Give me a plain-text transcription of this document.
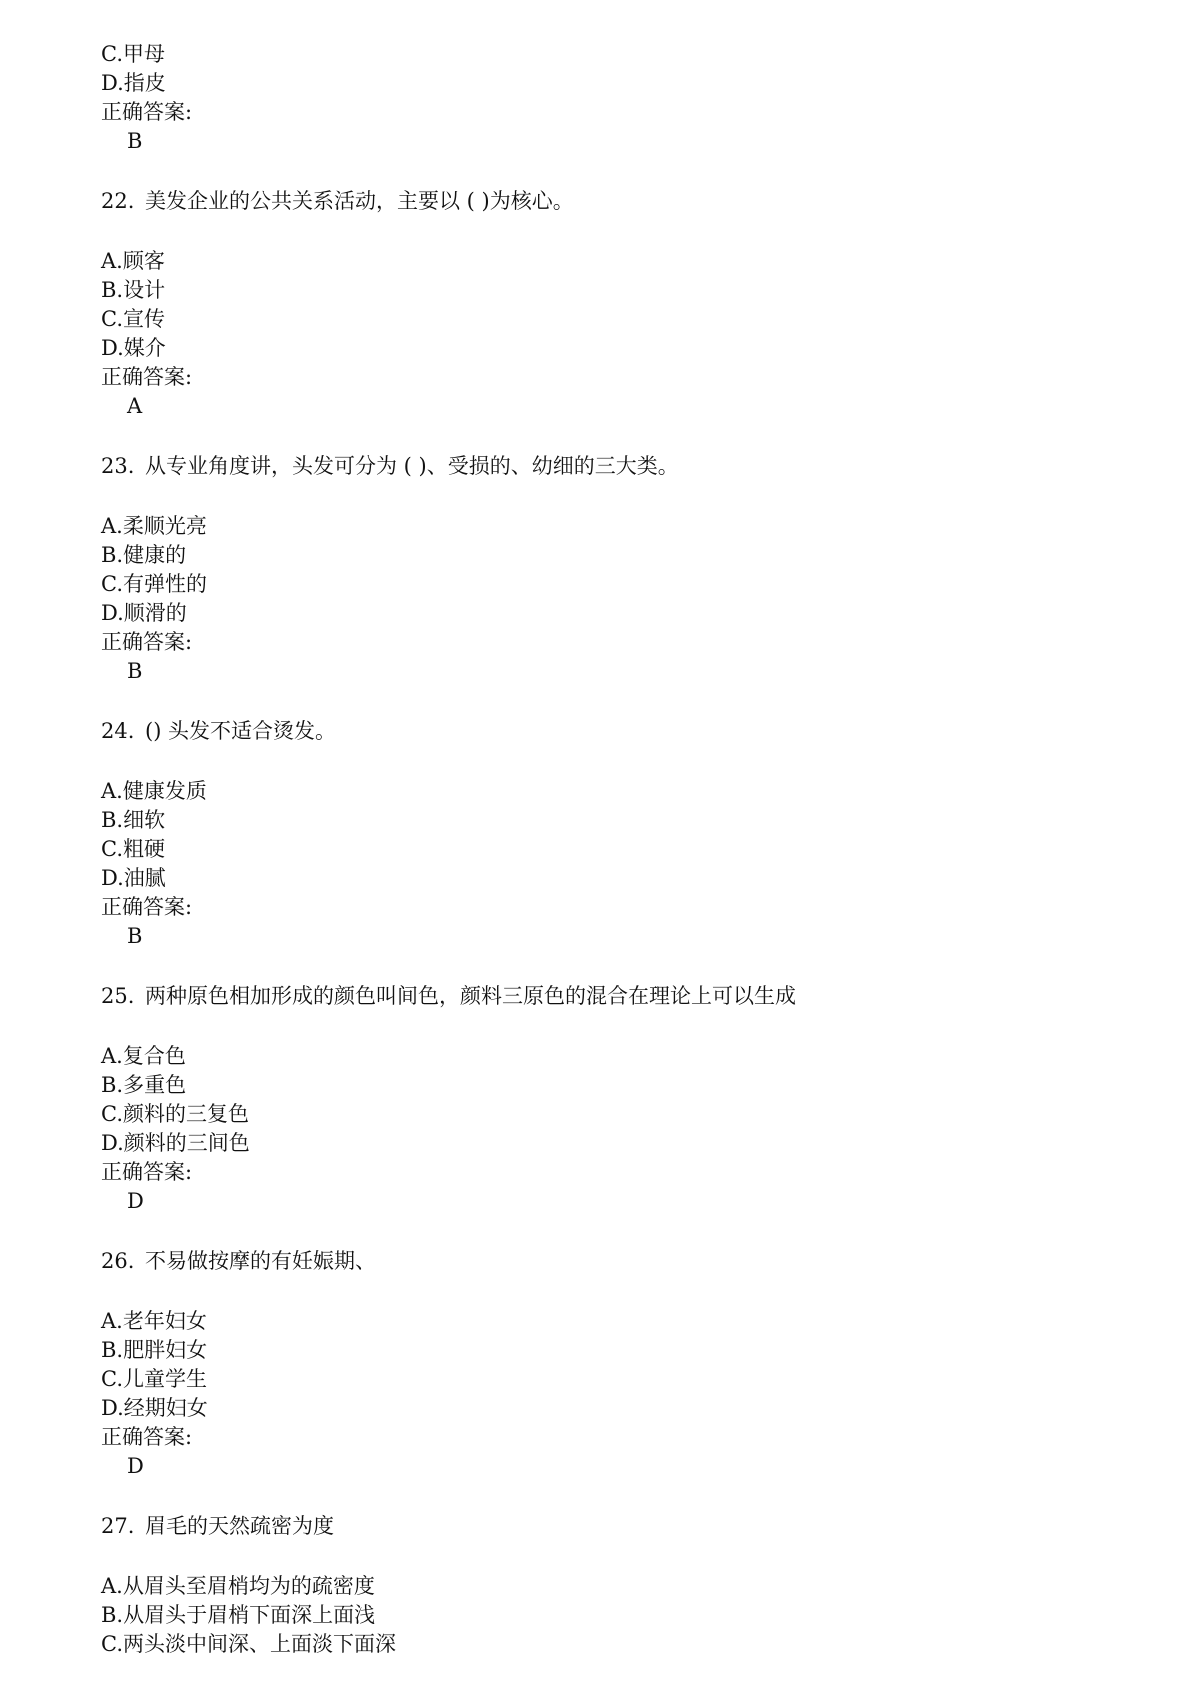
C.甲母
D.指皮
正确答案:
B
22. 美发企业的公共关系活动，主要以 ( )为核心。
A.顾客
B.设计
C.宣传
D.媒介
正确答案:
A
23. 从专业角度讲，头发可分为 ( )、受损的、幼细的三大类。
A.柔顺光亮
B.健康的
C.有弹性的
D.顺滑的
正确答案:
B
24. () 头发不适合烫发。
A.健康发质
B.细软
C.粗硬
D.油腻
正确答案:
B
25. 两种原色相加形成的颜色叫间色，颜料三原色的混合在理论上可以生成
A.复合色
B.多重色
C.颜料的三复色
D.颜料的三间色
正确答案:
D
26. 不易做按摩的有妊娠期、
A.老年妇女
B.肥胖妇女
C.儿童学生
D.经期妇女
正确答案:
D
27. 眉毛的天然疏密为度
A.从眉头至眉梢均为的疏密度
B.从眉头于眉梢下面深上面浅
C.两头淡中间深、上面淡下面深
